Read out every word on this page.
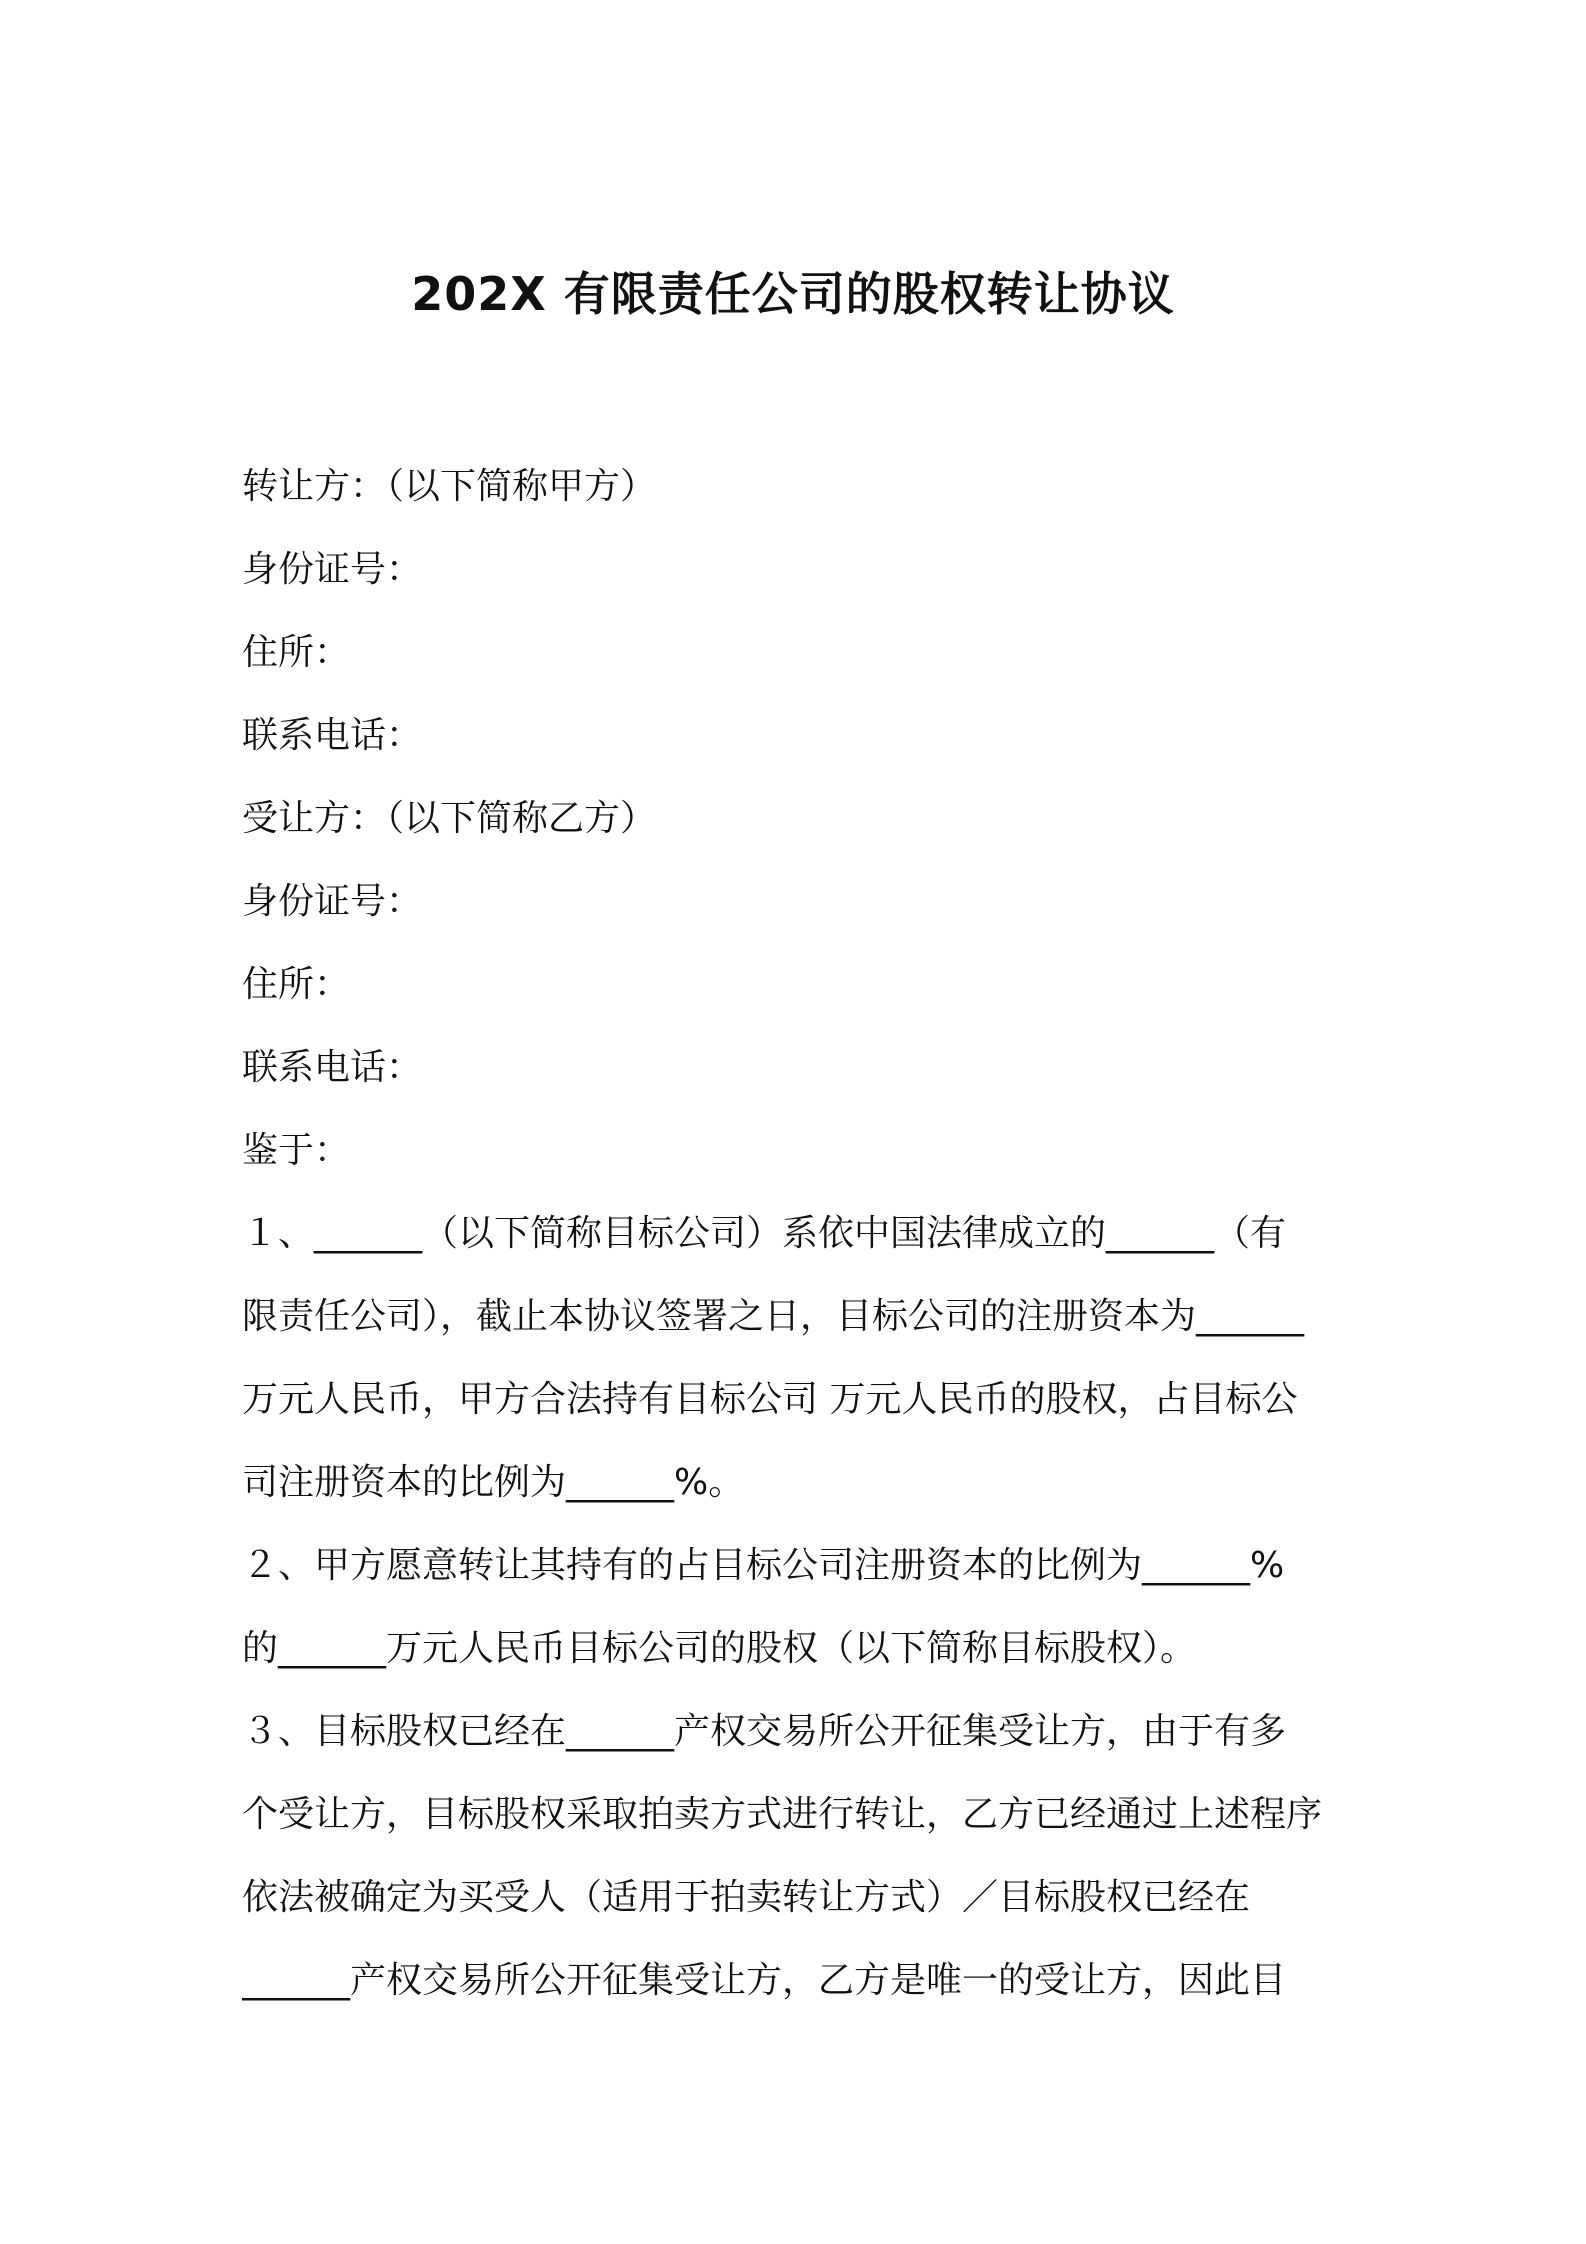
202X 有限责任公司的股权转让协议
转让方：（以下简称甲方）
身份证号：
住所：
联系电话：
受让方：（以下简称乙方）
身份证号：
住所：
联系电话：
鉴于：
１、______（以下简称目标公司）系依中国法律成立的______（有
限责任公司），截止本协议签署之日，目标公司的注册资本为______
万元人民币，甲方合法持有目标公司 万元人民币的股权，占目标公
司注册资本的比例为______%。
２、甲方愿意转让其持有的占目标公司注册资本的比例为______%
的______万元人民币目标公司的股权（以下简称目标股权）。
３、目标股权已经在______产权交易所公开征集受让方，由于有多
个受让方，目标股权采取拍卖方式进行转让，乙方已经通过上述程序
依法被确定为买受人（适用于拍卖转让方式）／目标股权已经在
______产权交易所公开征集受让方，乙方是唯一的受让方，因此目
